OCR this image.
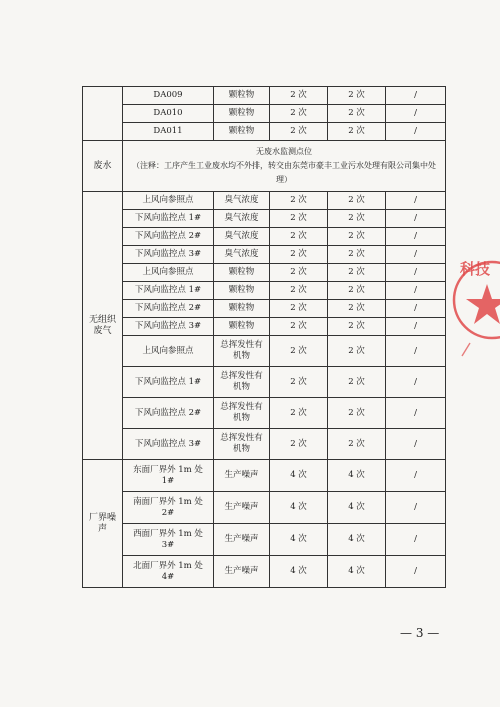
	DA009	颗粒物	2 次	2 次	/
	DA010	颗粒物	2 次	2 次	/
	DA011	颗粒物	2 次	2 次	/
废水	无废水监测点位
（注释：工序产生工业废水均不外排，转交由东莞市豪丰工业污水处理有限公司集中处理）				
无组织
废气	上风向参照点	臭气浓度	2 次	2 次	/
	下风向监控点 1#	臭气浓度	2 次	2 次	/
	下风向监控点 2#	臭气浓度	2 次	2 次	/
	下风向监控点 3#	臭气浓度	2 次	2 次	/
	上风向参照点	颗粒物	2 次	2 次	/
	下风向监控点 1#	颗粒物	2 次	2 次	/
	下风向监控点 2#	颗粒物	2 次	2 次	/
	下风向监控点 3#	颗粒物	2 次	2 次	/
	上风向参照点	总挥发性有
机物	2 次	2 次	/
	下风向监控点 1#	总挥发性有
机物	2 次	2 次	/
	下风向监控点 2#	总挥发性有
机物	2 次	2 次	/
	下风向监控点 3#	总挥发性有
机物	2 次	2 次	/
厂界噪
声	东面厂界外 1m 处
1#	生产噪声	4 次	4 次	/
	南面厂界外 1m 处
2#	生产噪声	4 次	4 次	/
	西面厂界外 1m 处
3#	生产噪声	4 次	4 次	/
	北面厂界外 1m 处
4#	生产噪声	4 次	4 次	/
科技
— 3 —
